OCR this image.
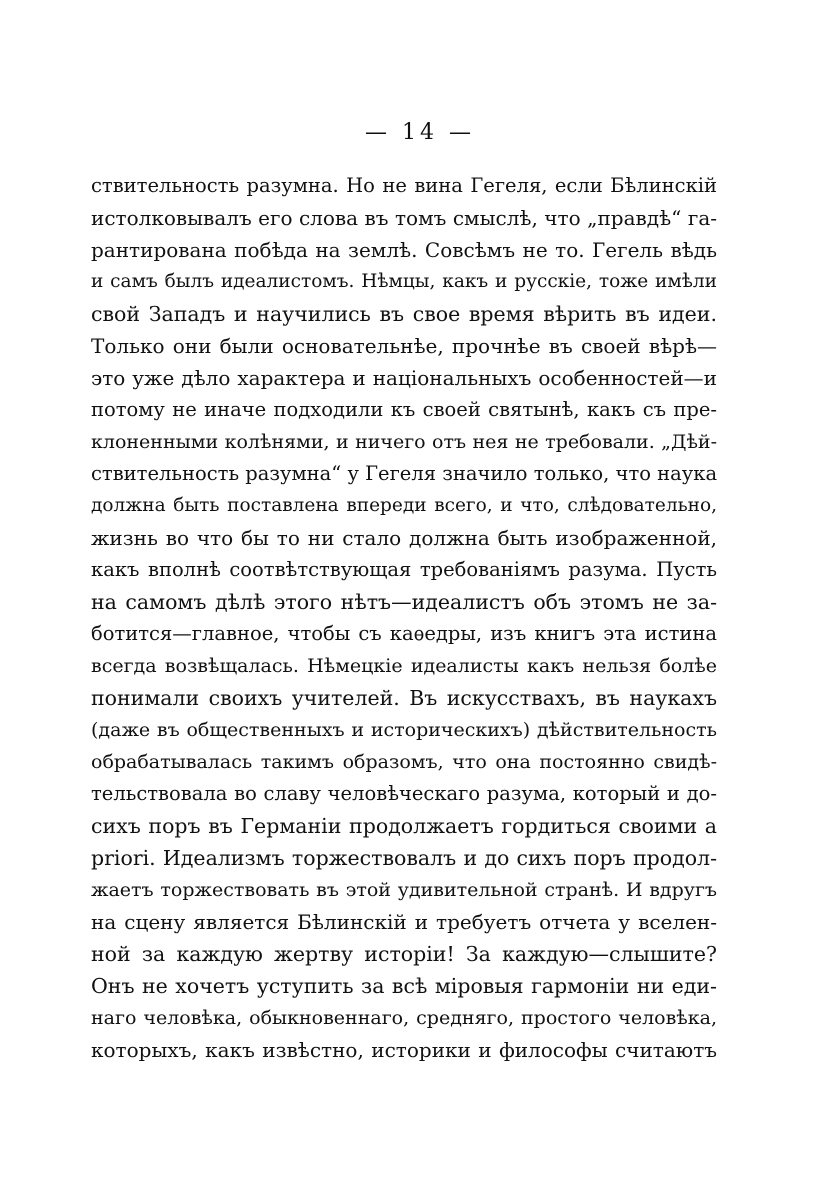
— 14 —
ствительность разумна. Но не вина Гегеля, если Бѣлинскій
истолковывалъ его слова въ томъ смыслѣ, что „правдѣ“ га-
рантирована побѣда на землѣ. Совсѣмъ не то. Гегель вѣдь
и самъ былъ идеалистомъ. Нѣмцы, какъ и русскіе, тоже имѣли
свой Западъ и научились въ свое время вѣрить въ идеи.
Только они были основательнѣе, прочнѣе въ своей вѣрѣ—
это уже дѣло характера и національныхъ особенностей—и
потому не иначе подходили къ своей святынѣ, какъ съ пре-
клоненными колѣнями, и ничего отъ нея не требовали. „Дѣй-
ствительность разумна“ у Гегеля значило только, что наука
должна быть поставлена впереди всего, и что, слѣдовательно,
жизнь во что бы то ни стало должна быть изображенной,
какъ вполнѣ соотвѣтствующая требованіямъ разума. Пусть
на самомъ дѣлѣ этого нѣтъ—идеалистъ объ этомъ не за-
ботится—главное, чтобы съ каѳедры, изъ книгъ эта истина
всегда возвѣщалась. Нѣмецкіе идеалисты какъ нельзя болѣе
понимали своихъ учителей. Въ искусствахъ, въ наукахъ
(даже въ общественныхъ и историческихъ) дѣйствительность
обрабатывалась такимъ образомъ, что она постоянно свидѣ-
тельствовала во славу человѣческаго разума, который и до-
сихъ поръ въ Германіи продолжаетъ гордиться своими a
priori. Идеализмъ торжествовалъ и до сихъ поръ продол-
жаетъ торжествовать въ этой удивительной странѣ. И вдругъ
на сцену является Бѣлинскій и требуетъ отчета у вселен-
ной за каждую жертву исторіи! За каждую—слышите?
Онъ не хочетъ уступить за всѣ міровыя гармоніи ни еди-
наго человѣка, обыкновеннаго, средняго, простого человѣка,
которыхъ, какъ извѣстно, историки и философы считаютъ
